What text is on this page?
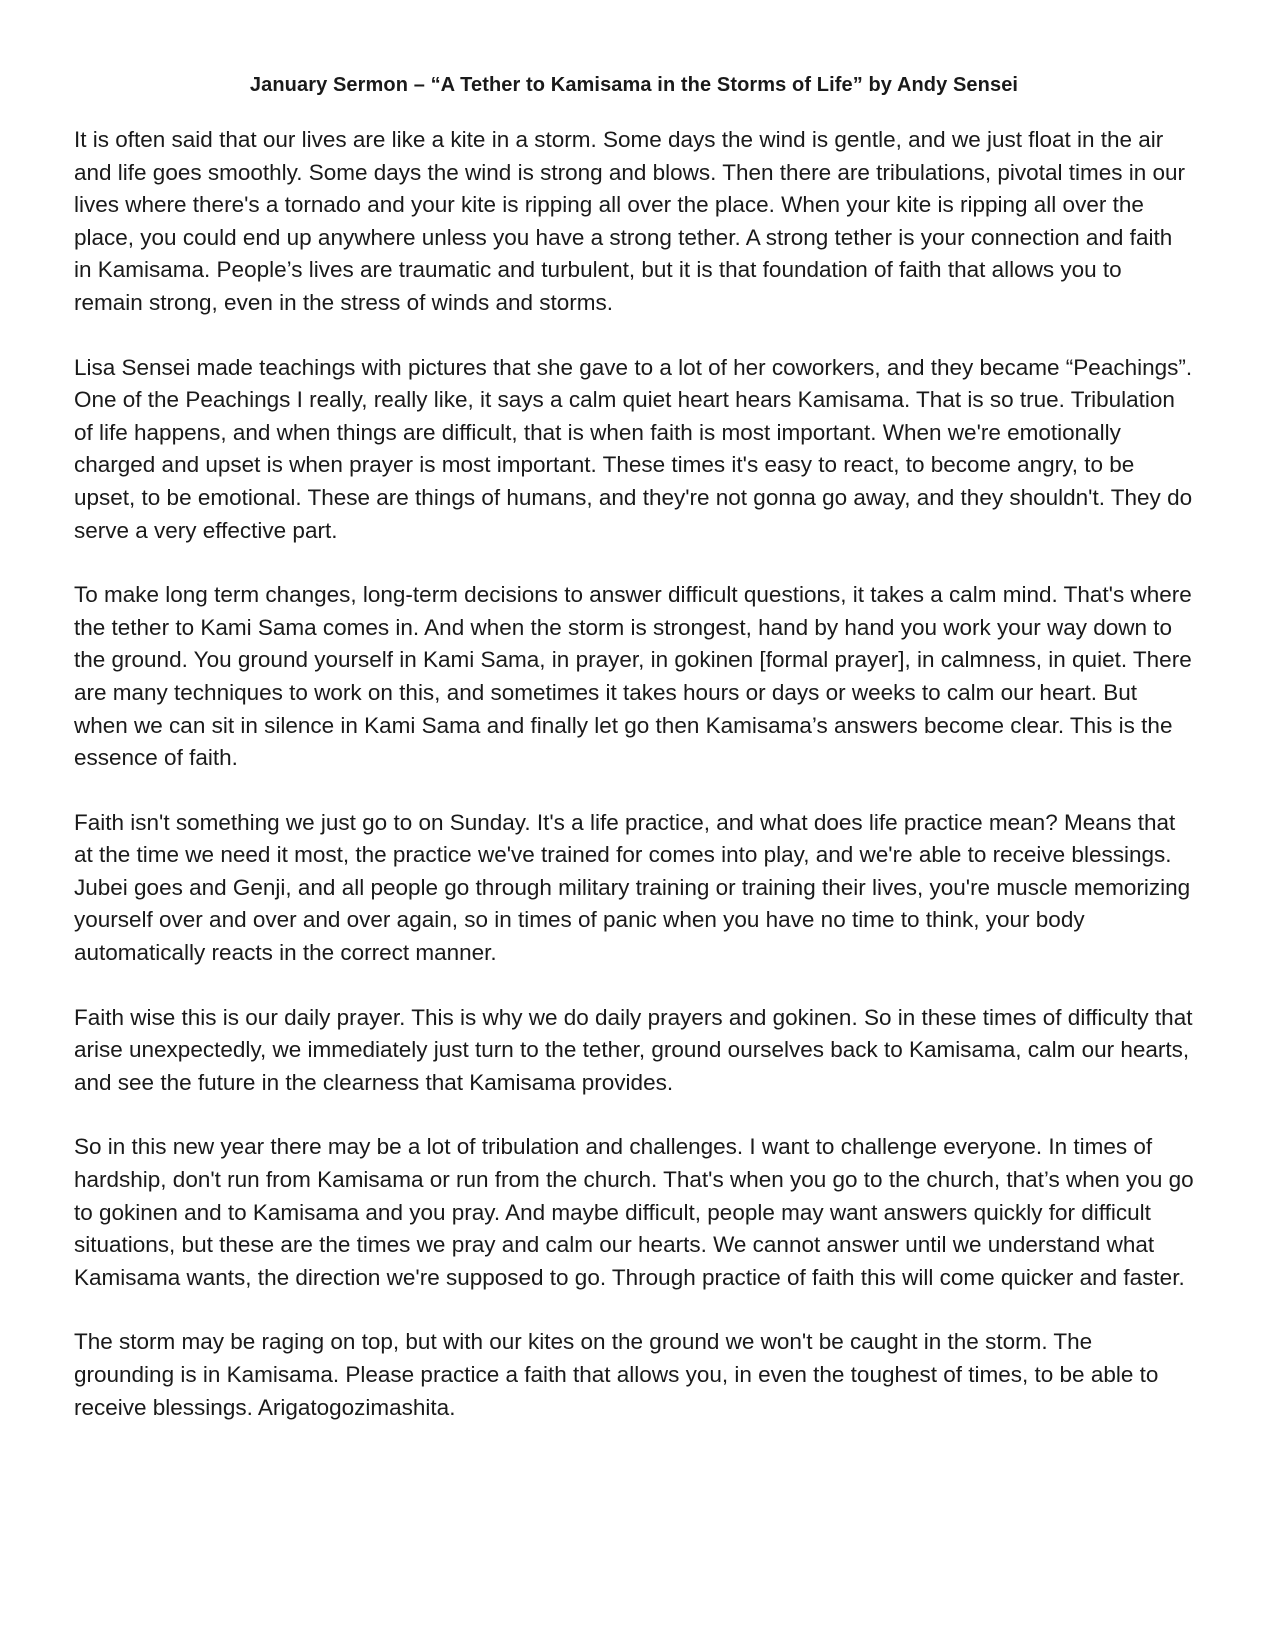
January Sermon – “A Tether to Kamisama in the Storms of Life” by Andy Sensei

It is often said that our lives are like a kite in a storm. Some days the wind is gentle, and we just float in the air and life goes smoothly. Some days the wind is strong and blows. Then there are tribulations, pivotal times in our lives where there's a tornado and your kite is ripping all over the place. When your kite is ripping all over the place, you could end up anywhere unless you have a strong tether. A strong tether is your connection and faith in Kamisama. People’s lives are traumatic and turbulent, but it is that foundation of faith that allows you to remain strong, even in the stress of winds and storms.

Lisa Sensei made teachings with pictures that she gave to a lot of her coworkers, and they became “Peachings”. One of the Peachings I really, really like, it says a calm quiet heart hears Kamisama. That is so true. Tribulation of life happens, and when things are difficult, that is when faith is most important. When we're emotionally charged and upset is when prayer is most important. These times it's easy to react, to become angry, to be upset, to be emotional. These are things of humans, and they're not gonna go away, and they shouldn't. They do serve a very effective part.

To make long term changes, long-term decisions to answer difficult questions, it takes a calm mind. That's where the tether to Kami Sama comes in. And when the storm is strongest, hand by hand you work your way down to the ground. You ground yourself in Kami Sama, in prayer, in gokinen [formal prayer], in calmness, in quiet. There are many techniques to work on this, and sometimes it takes hours or days or weeks to calm our heart. But when we can sit in silence in Kami Sama and finally let go then Kamisama’s answers become clear. This is the essence of faith.

Faith isn't something we just go to on Sunday. It's a life practice, and what does life practice mean? Means that at the time we need it most, the practice we've trained for comes into play, and we're able to receive blessings. Jubei goes and Genji, and all people go through military training or training their lives, you're muscle memorizing yourself over and over and over again, so in times of panic when you have no time to think, your body automatically reacts in the correct manner.

Faith wise this is our daily prayer. This is why we do daily prayers and gokinen. So in these times of difficulty that arise unexpectedly, we immediately just turn to the tether, ground ourselves back to Kamisama, calm our hearts, and see the future in the clearness that Kamisama provides.

So in this new year there may be a lot of tribulation and challenges. I want to challenge everyone. In times of hardship, don't run from Kamisama or run from the church. That's when you go to the church, that’s when you go to gokinen and to Kamisama and you pray. And maybe difficult, people may want answers quickly for difficult situations, but these are the times we pray and calm our hearts. We cannot answer until we understand what Kamisama wants, the direction we're supposed to go. Through practice of faith this will come quicker and faster.

The storm may be raging on top, but with our kites on the ground we won't be caught in the storm. The grounding is in Kamisama. Please practice a faith that allows you, in even the toughest of times, to be able to receive blessings. Arigatogozimashita.
